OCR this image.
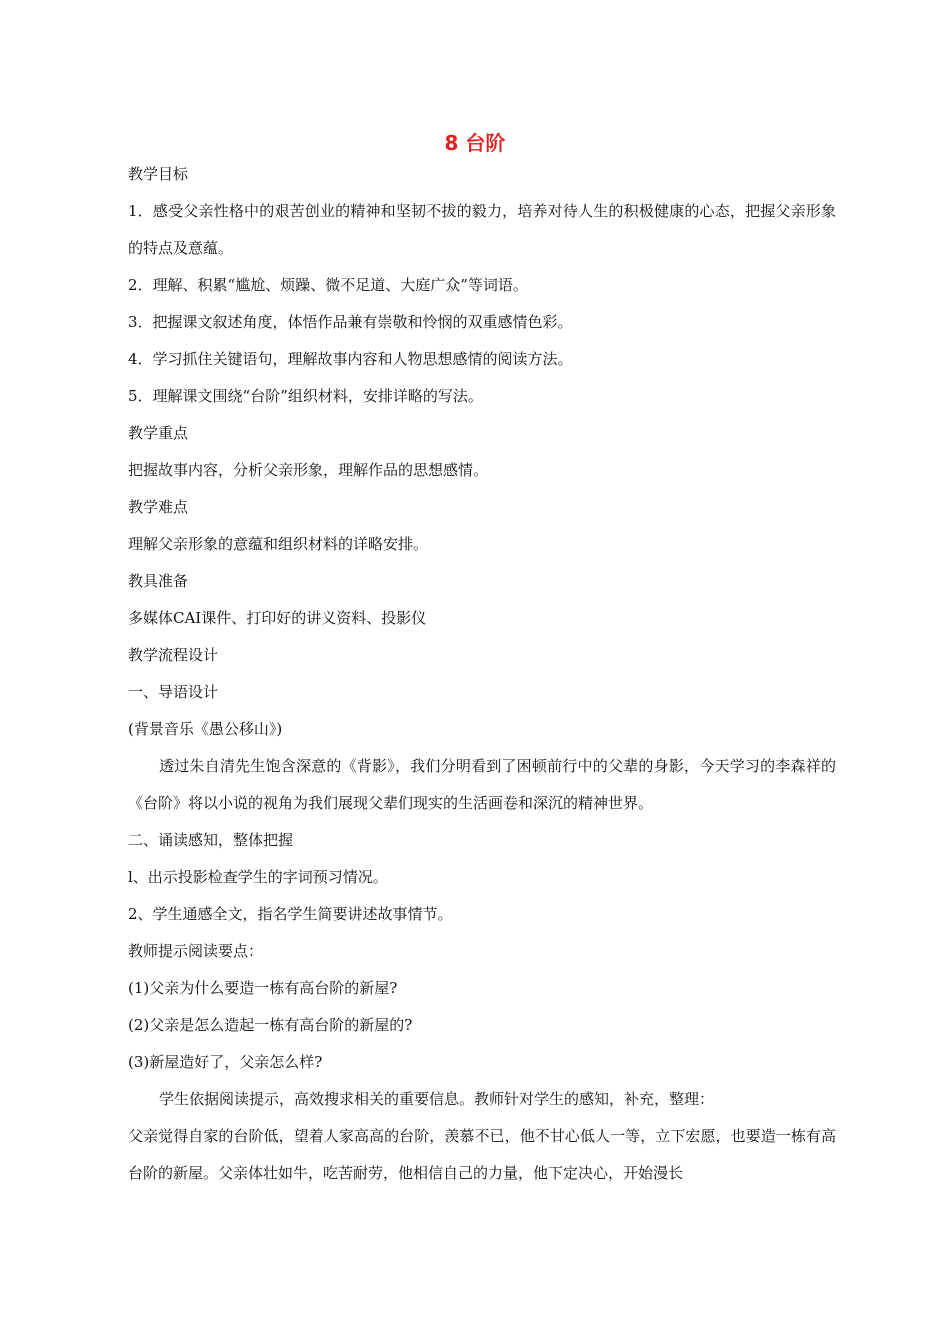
8 台阶
教学目标
1．感受父亲性格中的艰苦创业的精神和坚韧不拔的毅力，培养对待人生的积极健康的心态，把握父亲形象的特点及意蕴。
2．理解、积累“尴尬、烦躁、微不足道、大庭广众”等词语。
3．把握课文叙述角度，体悟作品兼有崇敬和怜悯的双重感情色彩。
4．学习抓住关键语句，理解故事内容和人物思想感情的阅读方法。
5．理解课文围绕“台阶”组织材料，安排详略的写法。
教学重点
把握故事内容，分析父亲形象，理解作品的思想感情。
教学难点
理解父亲形象的意蕴和组织材料的详略安排。
教具准备
多媒体CAI课件、打印好的讲义资料、投影仪
教学流程设计
一、导语设计
(背景音乐《愚公移山》)
透过朱自清先生饱含深意的《背影》，我们分明看到了困顿前行中的父辈的身影，今天学习的李森祥的《台阶》将以小说的视角为我们展现父辈们现实的生活画卷和深沉的精神世界。
二、诵读感知，整体把握
l、出示投影检查学生的字词预习情况。
2、学生通感全文，指名学生简要讲述故事情节。
教师提示阅读要点：
(1)父亲为什么要造一栋有高台阶的新屋?
(2)父亲是怎么造起一栋有高台阶的新屋的?
(3)新屋造好了，父亲怎么样?
学生依据阅读提示，高效搜求相关的重要信息。教师针对学生的感知，补充，整理：
父亲觉得自家的台阶低，望着人家高高的台阶，羡慕不已，他不甘心低人一等，立下宏愿，也要造一栋有高台阶的新屋。父亲体壮如牛，吃苦耐劳，他相信自己的力量，他下定决心，开始漫长
